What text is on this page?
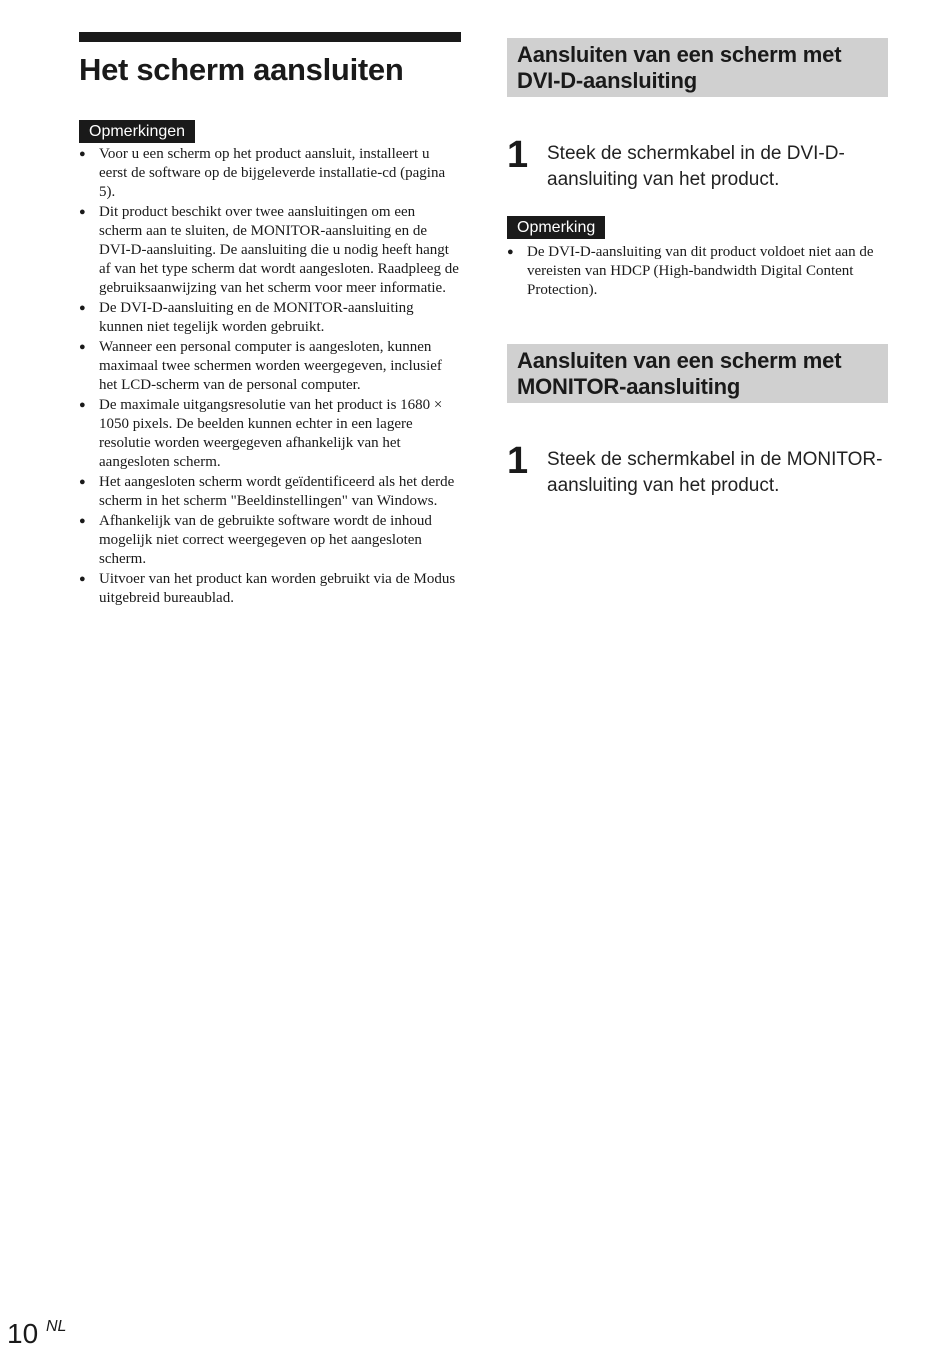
Het scherm aansluiten
Opmerkingen
● Voor u een scherm op het product aansluit, installeert u eerst de software op de bijgeleverde installatie-cd (pagina 5).
● Dit product beschikt over twee aansluitingen om een scherm aan te sluiten, de MONITOR-aansluiting en de DVI-D-aansluiting. De aansluiting die u nodig heeft hangt af van het type scherm dat wordt aangesloten. Raadpleeg de gebruiksaanwijzing van het scherm voor meer informatie.
● De DVI-D-aansluiting en de MONITOR-aansluiting kunnen niet tegelijk worden gebruikt.
● Wanneer een personal computer is aangesloten, kunnen maximaal twee schermen worden weergegeven, inclusief het LCD-scherm van de personal computer.
● De maximale uitgangsresolutie van het product is 1680 × 1050 pixels. De beelden kunnen echter in een lagere resolutie worden weergegeven afhankelijk van het aangesloten scherm.
● Het aangesloten scherm wordt geïdentificeerd als het derde scherm in het scherm "Beeldinstellingen" van Windows.
● Afhankelijk van de gebruikte software wordt de inhoud mogelijk niet correct weergegeven op het aangesloten scherm.
● Uitvoer van het product kan worden gebruikt via de Modus uitgebreid bureaublad.
Aansluiten van een scherm met
DVI-D-aansluiting
1 Steek de schermkabel in de DVI-D-aansluiting van het product.
Opmerking
● De DVI-D-aansluiting van dit product voldoet niet aan de vereisten van HDCP (High-bandwidth Digital Content Protection).
Aansluiten van een scherm met
MONITOR-aansluiting
1 Steek de schermkabel in de MONITOR-aansluiting van het product.
10 NL
